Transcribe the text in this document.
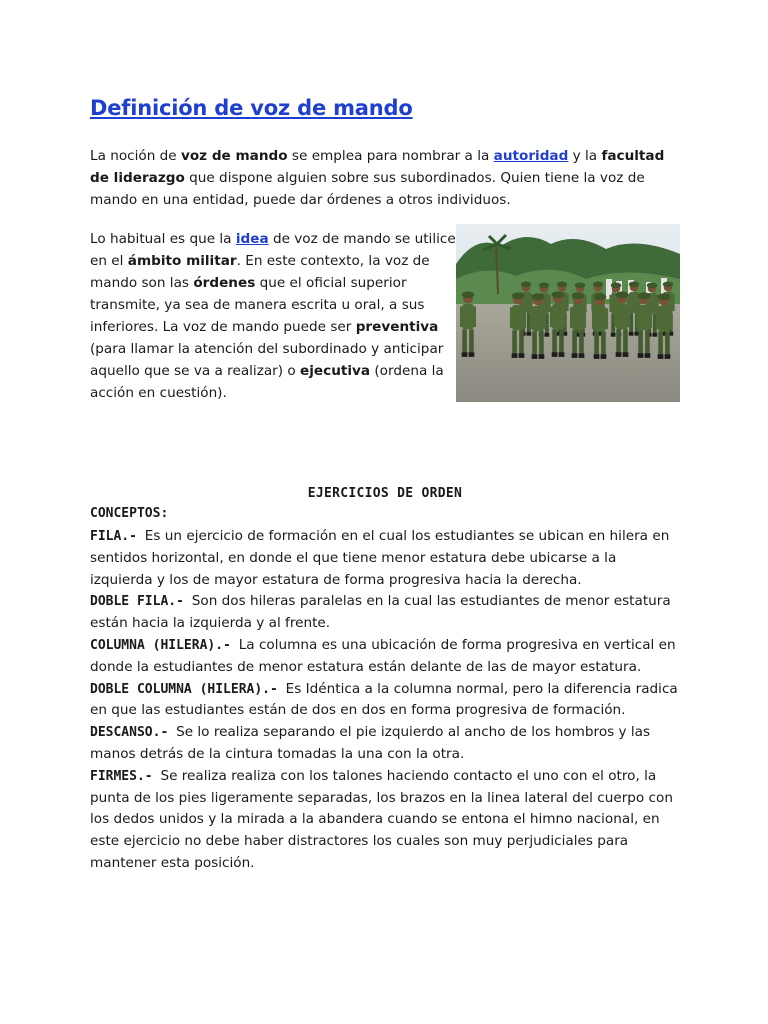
Definición de voz de mando

La noción de voz de mando se emplea para nombrar a la autoridad y la facultad de liderazgo que dispone alguien sobre sus subordinados. Quien tiene la voz de mando en una entidad, puede dar órdenes a otros individuos.

Lo habitual es que la idea de voz de mando se utilice en el ámbito militar. En este contexto, la voz de mando son las órdenes que el oficial superior transmite, ya sea de manera escrita u oral, a sus inferiores. La voz de mando puede ser preventiva (para llamar la atención del subordinado y anticipar aquello que se va a realizar) o ejecutiva (ordena la acción en cuestión).

EJERCICIOS DE ORDEN

CONCEPTOS:

FILA.- Es un ejercicio de formación en el cual los estudiantes se ubican en hilera en sentidos horizontal, en donde el que tiene menor estatura debe ubicarse a la izquierda y los de mayor estatura de forma progresiva hacia la derecha.
DOBLE FILA.- Son dos hileras paralelas en la cual las estudiantes de menor estatura están hacia la izquierda y al frente.
COLUMNA (HILERA).- La columna es una ubicación de forma progresiva en vertical en donde la estudiantes de menor estatura están delante de las de mayor estatura.
DOBLE COLUMNA (HILERA).- Es Idéntica a la columna normal, pero la diferencia radica en que las estudiantes están de dos en dos en forma progresiva de formación.
DESCANSO.- Se lo realiza separando el pie izquierdo al ancho de los hombros y las manos detrás de la cintura tomadas la una con la otra.
FIRMES.- Se realiza realiza con los talones haciendo contacto el uno con el otro, la punta de los pies ligeramente separadas, los brazos en la linea lateral del cuerpo con los dedos unidos y la mirada a la abandera cuando se entona el himno nacional, en este ejercicio no debe haber distractores los cuales son muy perjudiciales para mantener esta posición.
